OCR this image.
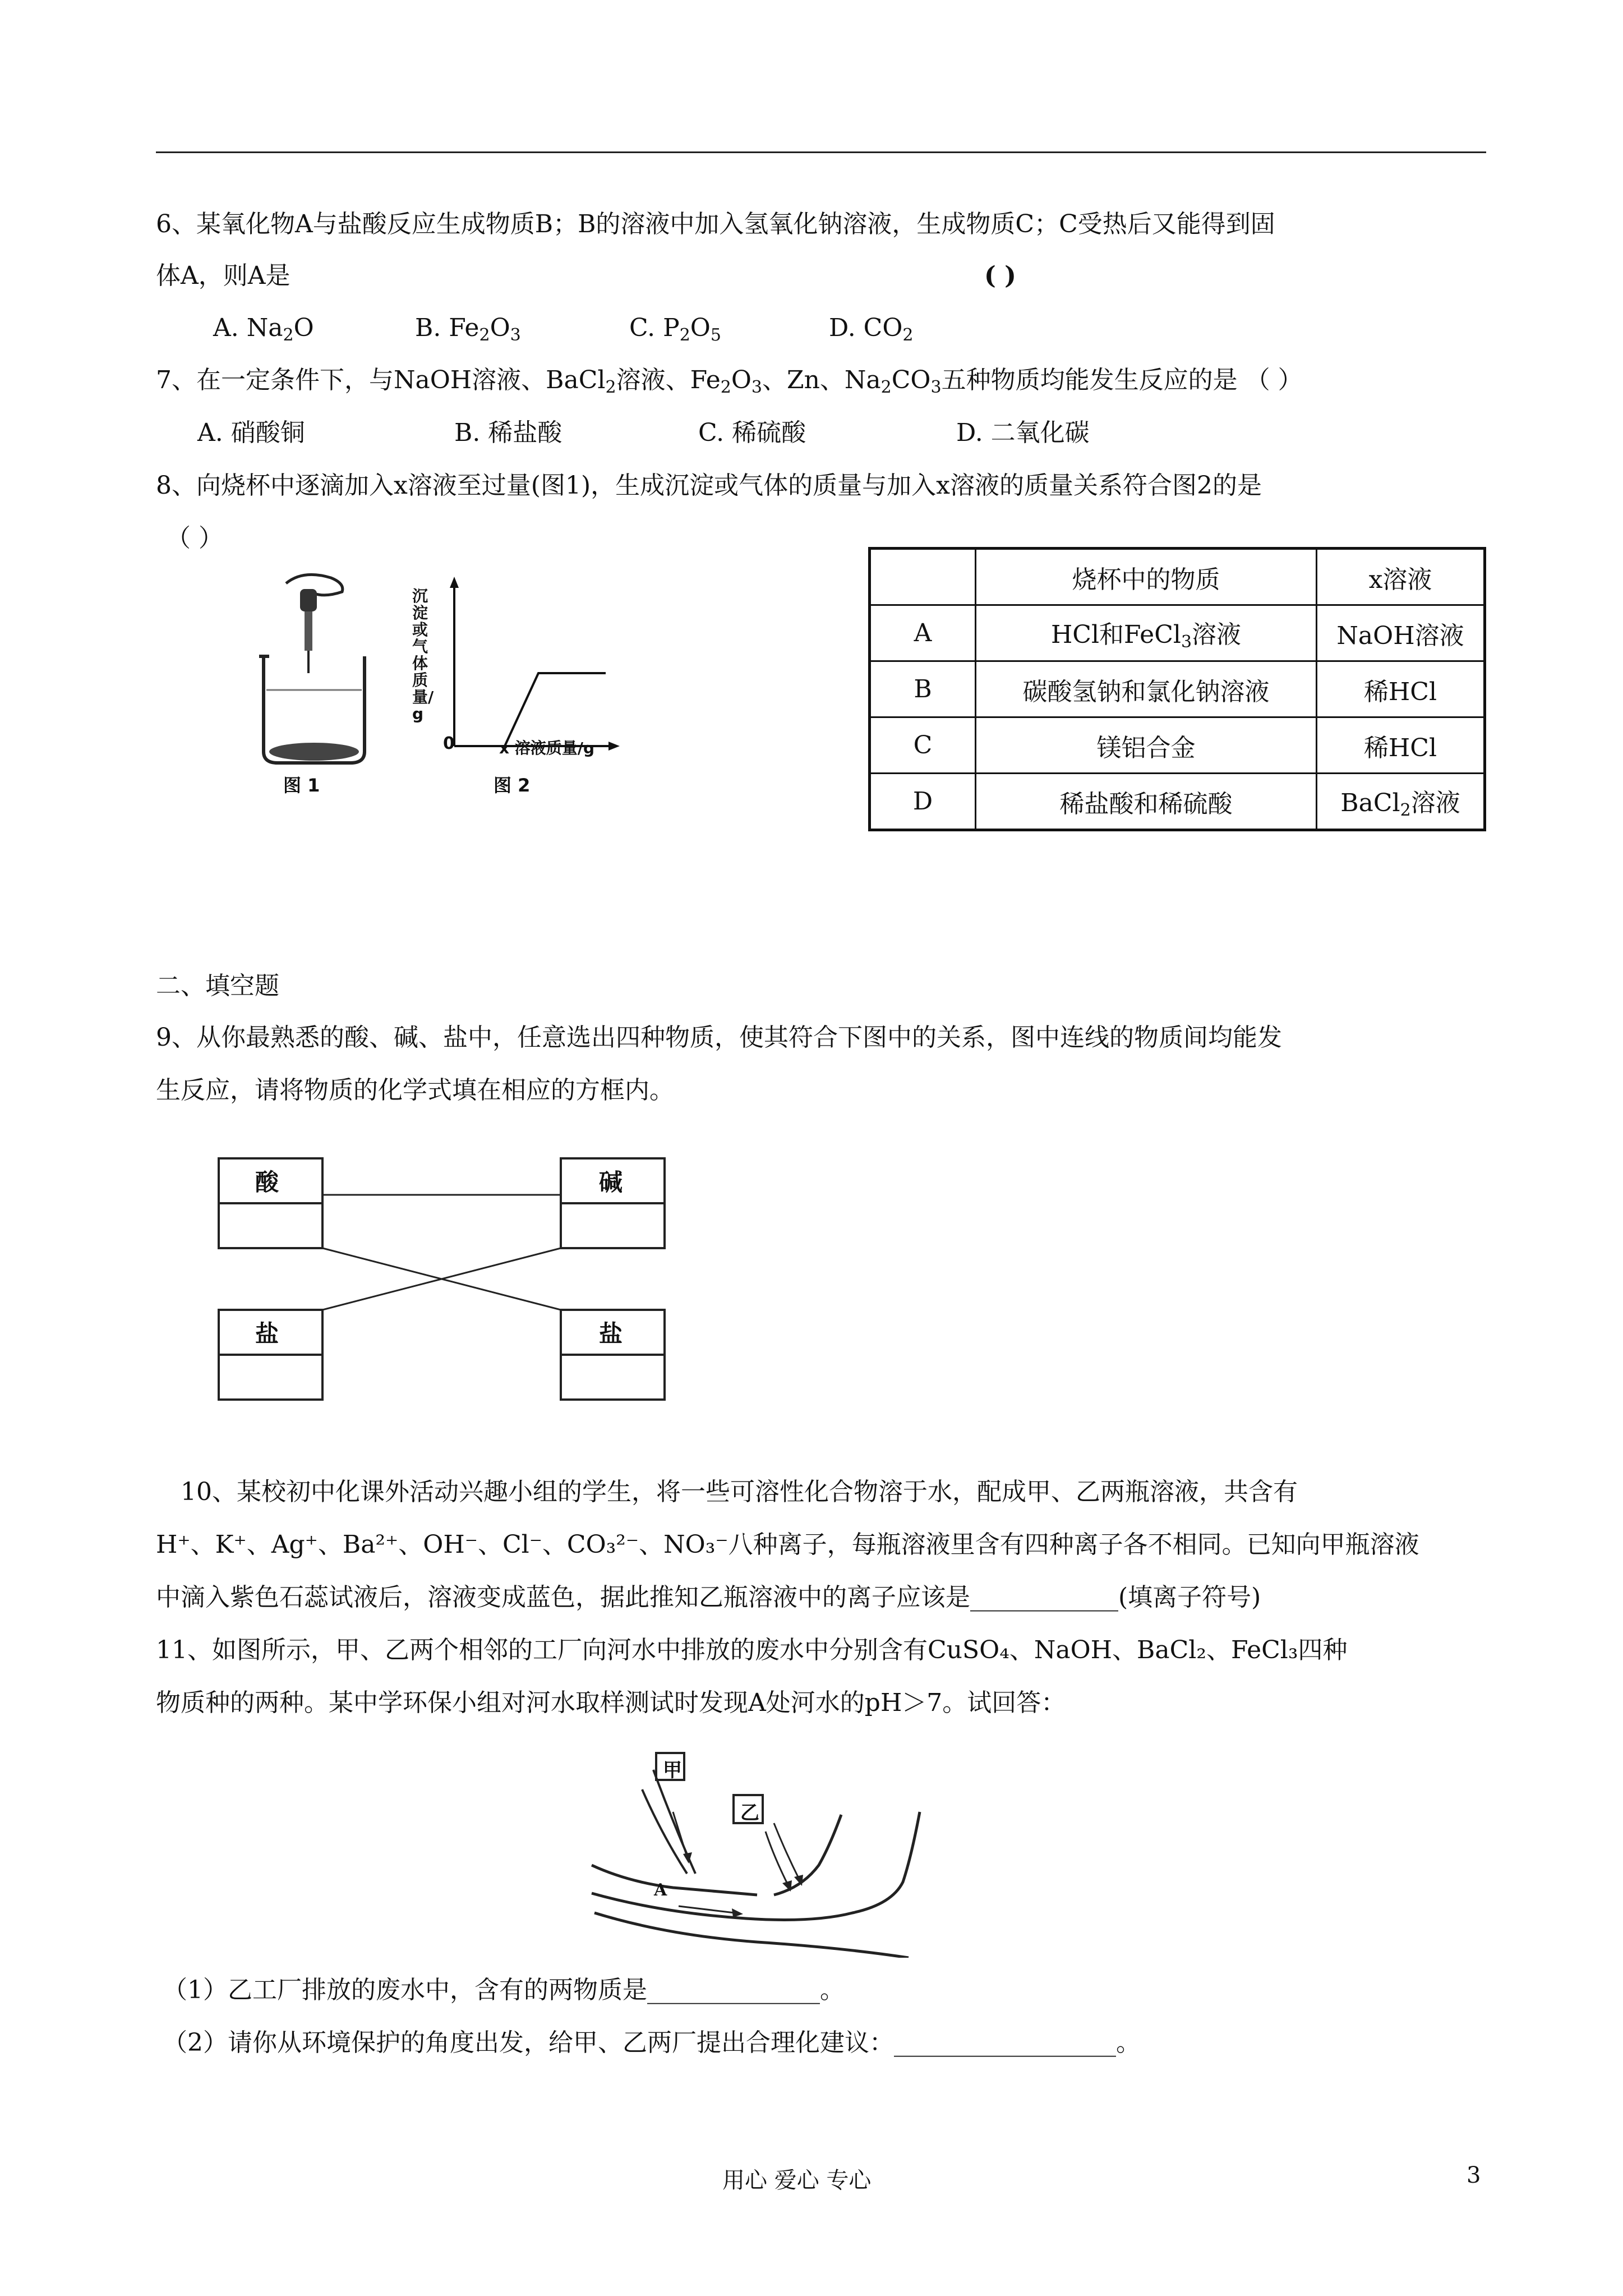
6、某氧化物A与盐酸反应生成物质B；B的溶液中加入氢氧化钠溶液，生成物质C；C受热后又能得到固
体A，则A是	( )
A. $Na_2O$	B. $Fe_2O_3$	C. $P_2O_5$	D. $CO_2$
7、在一定条件下，与NaOH溶液、BaCl$_2$溶液、$Fe_2O_3$、Zn、$Na_2CO_3$五种物质均能发生反应的是 （ ）
A. 硝酸铜	B. 稀盐酸	C. 稀硫酸	D. 二氧化碳
8、向烧杯中逐滴加入x溶液至过量(图1)，生成沉淀或气体的质量与加入x溶液的质量关系符合图2的是
（ ）
图 1
沉淀或气体质量/g
0	x 溶液质量/g
图 2
	烧杯中的物质	x溶液
A	HCl和FeCl$_3$溶液	NaOH溶液
B	碳酸氢钠和氯化钠溶液	稀HCl
C	镁铝合金	稀HCl
D	稀盐酸和稀硫酸	BaCl$_2$溶液
二、填空题
9、从你最熟悉的酸、碱、盐中，任意选出四种物质，使其符合下图中的关系，图中连线的物质间均能发
生反应，请将物质的化学式填在相应的方框内。
酸	碱
盐	盐
10、某校初中化课外活动兴趣小组的学生，将一些可溶性化合物溶于水，配成甲、乙两瓶溶液，共含有
H⁺、K⁺、Ag⁺、Ba²⁺、OH⁻、Cl⁻、CO₃²⁻、NO₃⁻八种离子，每瓶溶液里含有四种离子各不相同。已知向甲瓶溶液
中滴入紫色石蕊试液后，溶液变成蓝色，据此推知乙瓶溶液中的离子应该是____________(填离子符号)
11、如图所示，甲、乙两个相邻的工厂向河水中排放的废水中分别含有CuSO₄、NaOH、BaCl₂、FeCl₃四种
物质种的两种。某中学环保小组对河水取样测试时发现A处河水的pH＞7。试回答：
甲
乙
A
（1）乙工厂排放的废水中，含有的两物质是______________。
（2）请你从环境保护的角度出发，给甲、乙两厂提出合理化建议：__________________。
用心 爱心 专心	3
